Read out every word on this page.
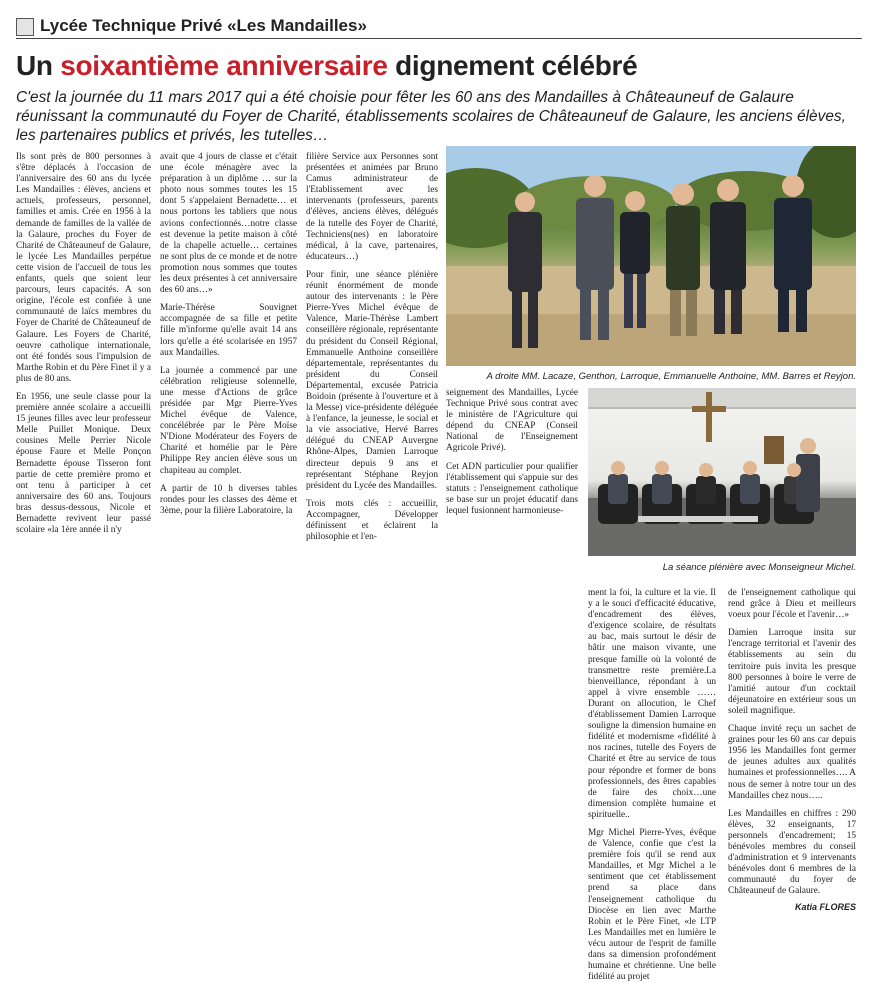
Lycée Technique Privé «Les Mandailles»
Un soixantième anniversaire dignement célébré
C'est la journée du 11 mars 2017 qui a été choisie pour fêter les 60 ans des Mandailles à Châteauneuf de Galaure réunissant la communauté du Foyer de Charité, établissements scolaires de Châteauneuf de Galaure, les anciens élèves, les partenaires publics et privés, les tutelles…

Ils sont près de 800 personnes à s'être déplacés à l'occasion de l'anniversaire des 60 ans du lycée Les Mandailles : élèves, anciens et actuels, professeurs, personnel, familles et amis. Crée en 1956 à la demande de familles de la vallée de la Galaure, proches du Foyer de Charité de Châteauneuf de Galaure, le lycée Les Mandailles perpétue cette vision de l'accueil de tous les enfants, quels que soient leur parcours, leurs capacités. A son origine, l'école est confiée à une communauté de laïcs membres du Foyer de Charité de Châteauneuf de Galaure. Les Foyers de Charité, oeuvre catholique internationale, ont été fondés sous l'impulsion de Marthe Robin et du Père Finet il y a plus de 80 ans.

En 1956, une seule classe pour la première année scolaire a accueilli 15 jeunes filles avec leur professeur Melle Puillet Monique. Deux cousines Melle Perrier Nicole épouse Faure et Melle Ponçon Bernadette épouse Tisseron font partie de cette première promo et ont tenu à participer à cet anniversaire des 60 ans. Toujours bras dessus-dessous, Nicole et Bernadette revivent leur passé scolaire «la 1ère année il n'y

avait que 4 jours de classe et c'était une école ménagère avec la préparation à un diplôme … sur la photo nous sommes toutes les 15 dont 5 s'appelaient Bernadette… et nous portons les tabliers que nous avions confectionnés…notre classe est devenue la petite maison à côté de la chapelle actuelle… certaines ne sont plus de ce monde et de notre promotion nous sommes que toutes les deux présentes à cet anniversaire des 60 ans…»

Marie-Thérèse Souvignet accompagnée de sa fille et petite fille m'informe qu'elle avait 14 ans lors qu'elle a été scolarisée en 1957 aux Mandailles.

La journée a commencé par une célébration religieuse solennelle, une messe d'Actions de grâce présidée par Mgr Pierre-Yves Michel évêque de Valence, concélébrée par le Père Moïse N'Dione Modérateur des Foyers de Charité et homélie par le Père Philippe Rey ancien élève sous un chapiteau au complet.

A partir de 10 h diverses tables rondes pour les classes des 4ème et 3ème, pour la filière Laboratoire, la

filière Service aux Personnes sont présentées et animées par Bruno Camus administrateur de l'Etablissement avec les intervenants (professeurs, parents d'élèves, anciens élèves, délégués de la tutelle des Foyer de Charité, Techniciens(nes) en laboratoire médical, à la cave, partenaires, éducateurs…)

Pour finir, une séance plénière réunit énormément de monde autour des intervenants : le Père Pierre-Yves Michel évêque de Valence, Marie-Thérèse Lambert conseillère régionale, représentante du président du Conseil Régional, Emmanuelle Anthoine conseillère départementale, représentantes du président du Conseil Départemental, excusée Patricia Boidoin (présente à l'ouverture et à la Messe) vice-présidente déléguée à l'enfance, la jeunesse, le social et la vie associative, Hervé Barres délégué du CNEAP Auvergne Rhône-Alpes, Damien Larroque directeur depuis 9 ans et représentant Stéphane Reyjon président du Lycée des Mandailles.

Trois mots clés : accueillir, Accompagner, Développer définissent et éclairent la philosophie et l'en-

seignement des Mandailles, Lycée Technique Privé sous contrat avec le ministère de l'Agriculture qui dépend du CNEAP (Conseil National de l'Enseignement Agricole Privé).

Cet ADN particulier pour qualifier l'établissement qui s'appuie sur des statuts : l'enseignement catholique se base sur un projet éducatif dans lequel fusionnent harmonieuse-

A droite MM. Lacaze, Genthon, Larroque, Emmanuelle Anthoine, MM. Barres et Reyjon.
La séance plénière avec Monseigneur Michel.

ment la foi, la culture et la vie. Il y a le souci d'efficacité éducative, d'encadrement des élèves, d'exigence scolaire, de résultats au bac, mais surtout le désir de bâtir une maison vivante, une presque famille où la volonté de transmettre reste première.La bienveillance, répondant à un appel à vivre ensemble ……Durant on allocution, le Chef d'établissement Damien Larroque souligne la dimension humaine en fidélité et modernisme «fidélité à nos racines, tutelle des Foyers de Charité et être au service de tous pour répondre et former de bons professionnels, des êtres capables de faire des choix…une dimension complète humaine et spirituelle..

Mgr Michel Pierre-Yves, évêque de Valence, confie que c'est la première fois qu'il se rend aux Mandailles, et Mgr Michel a le sentiment que cet établissement prend sa place dans l'enseignement catholique du Diocèse en lien avec Marthe Robin et le Père Finet, «le LTP Les Mandailles met en lumière le vécu autour de l'esprit de famille dans sa dimension profondément humaine et chrétienne. Une belle fidélité au projet

de l'enseignement catholique qui rend grâce à Dieu et meilleurs voeux pour l'école et l'avenir…»

Damien Larroque insita sur l'encrage territorial et l'avenir des établissements au sein du territoire puis invita les presque 800 personnes à boire le verre de l'amitié autour d'un cocktail déjeunatoire en extérieur sous un soleil magnifique.

Chaque invité reçu un sachet de graines pour les 60 ans car depuis 1956 les Mandailles font germer de jeunes adultes aux qualités humaines et professionnelles…. A nous de semer à notre tour un des Mandailles chez nous…..

Les Mandailles en chiffres : 290 élèves, 32 enseignants, 17 personnels d'encadrement; 15 bénévoles membres du conseil d'administration et 9 intervenants bénévoles dont 6 membres de la communauté du foyer de Châteauneuf de Galaure.

Katia FLORES
